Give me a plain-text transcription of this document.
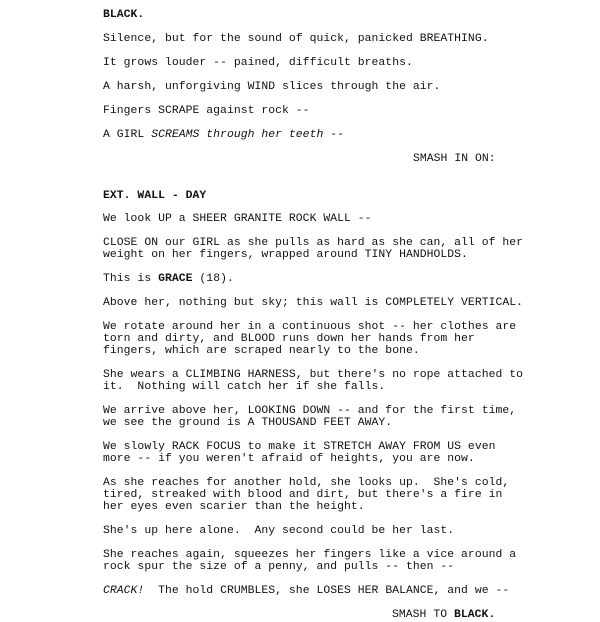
BLACK.
Silence, but for the sound of quick, panicked BREATHING.
It grows louder -- pained, difficult breaths.
A harsh, unforgiving WIND slices through the air.
Fingers SCRAPE against rock --
A GIRL SCREAMS through her teeth --
SMASH IN ON:
EXT. WALL - DAY
We look UP a SHEER GRANITE ROCK WALL --
CLOSE ON our GIRL as she pulls as hard as she can, all of her
weight on her fingers, wrapped around TINY HANDHOLDS.
This is GRACE (18).
Above her, nothing but sky; this wall is COMPLETELY VERTICAL.
We rotate around her in a continuous shot -- her clothes are
torn and dirty, and BLOOD runs down her hands from her
fingers, which are scraped nearly to the bone.
She wears a CLIMBING HARNESS, but there's no rope attached to
it.  Nothing will catch her if she falls.
We arrive above her, LOOKING DOWN -- and for the first time,
we see the ground is A THOUSAND FEET AWAY.
We slowly RACK FOCUS to make it STRETCH AWAY FROM US even
more -- if you weren't afraid of heights, you are now.
As she reaches for another hold, she looks up.  She's cold,
tired, streaked with blood and dirt, but there's a fire in
her eyes even scarier than the height.
She's up here alone.  Any second could be her last.
She reaches again, squeezes her fingers like a vice around a
rock spur the size of a penny, and pulls -- then --
CRACK!  The hold CRUMBLES, she LOSES HER BALANCE, and we --
SMASH TO BLACK.
